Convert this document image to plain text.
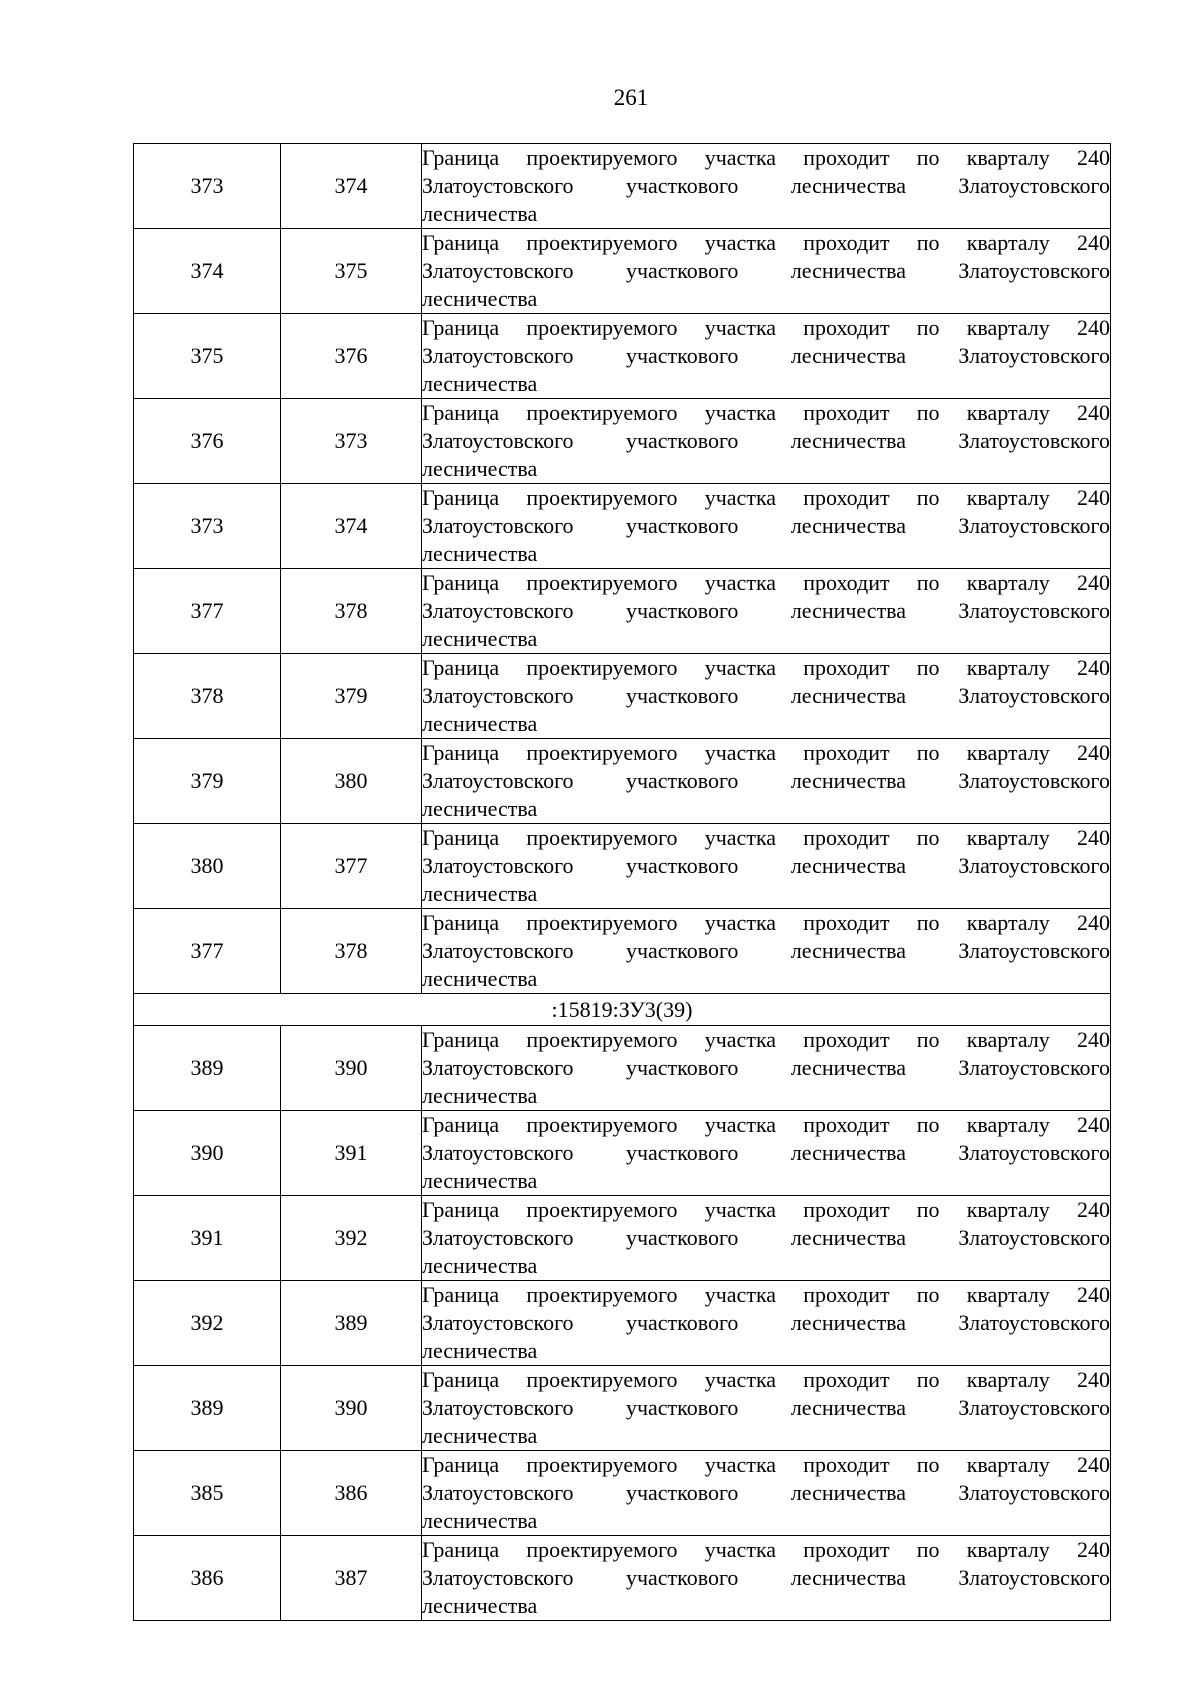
261
373	374	Граница проектируемого участка проходит по кварталу 240
Златоустовского участкового лесничества Златоустовского
лесничества

374	375	Граница проектируемого участка проходит по кварталу 240
Златоустовского участкового лесничества Златоустовского
лесничества

375	376	Граница проектируемого участка проходит по кварталу 240
Златоустовского участкового лесничества Златоустовского
лесничества

376	373	Граница проектируемого участка проходит по кварталу 240
Златоустовского участкового лесничества Златоустовского
лесничества

373	374	Граница проектируемого участка проходит по кварталу 240
Златоустовского участкового лесничества Златоустовского
лесничества

377	378	Граница проектируемого участка проходит по кварталу 240
Златоустовского участкового лесничества Златоустовского
лесничества

378	379	Граница проектируемого участка проходит по кварталу 240
Златоустовского участкового лесничества Златоустовского
лесничества

379	380	Граница проектируемого участка проходит по кварталу 240
Златоустовского участкового лесничества Златоустовского
лесничества

380	377	Граница проектируемого участка проходит по кварталу 240
Златоустовского участкового лесничества Златоустовского
лесничества

377	378	Граница проектируемого участка проходит по кварталу 240
Златоустовского участкового лесничества Златоустовского
лесничества

:15819:ЗУ3(39)		
389	390	Граница проектируемого участка проходит по кварталу 240
Златоустовского участкового лесничества Златоустовского
лесничества

390	391	Граница проектируемого участка проходит по кварталу 240
Златоустовского участкового лесничества Златоустовского
лесничества

391	392	Граница проектируемого участка проходит по кварталу 240
Златоустовского участкового лесничества Златоустовского
лесничества

392	389	Граница проектируемого участка проходит по кварталу 240
Златоустовского участкового лесничества Златоустовского
лесничества

389	390	Граница проектируемого участка проходит по кварталу 240
Златоустовского участкового лесничества Златоустовского
лесничества

385	386	Граница проектируемого участка проходит по кварталу 240
Златоустовского участкового лесничества Златоустовского
лесничества

386	387	Граница проектируемого участка проходит по кварталу 240
Златоустовского участкового лесничества Златоустовского
лесничества
